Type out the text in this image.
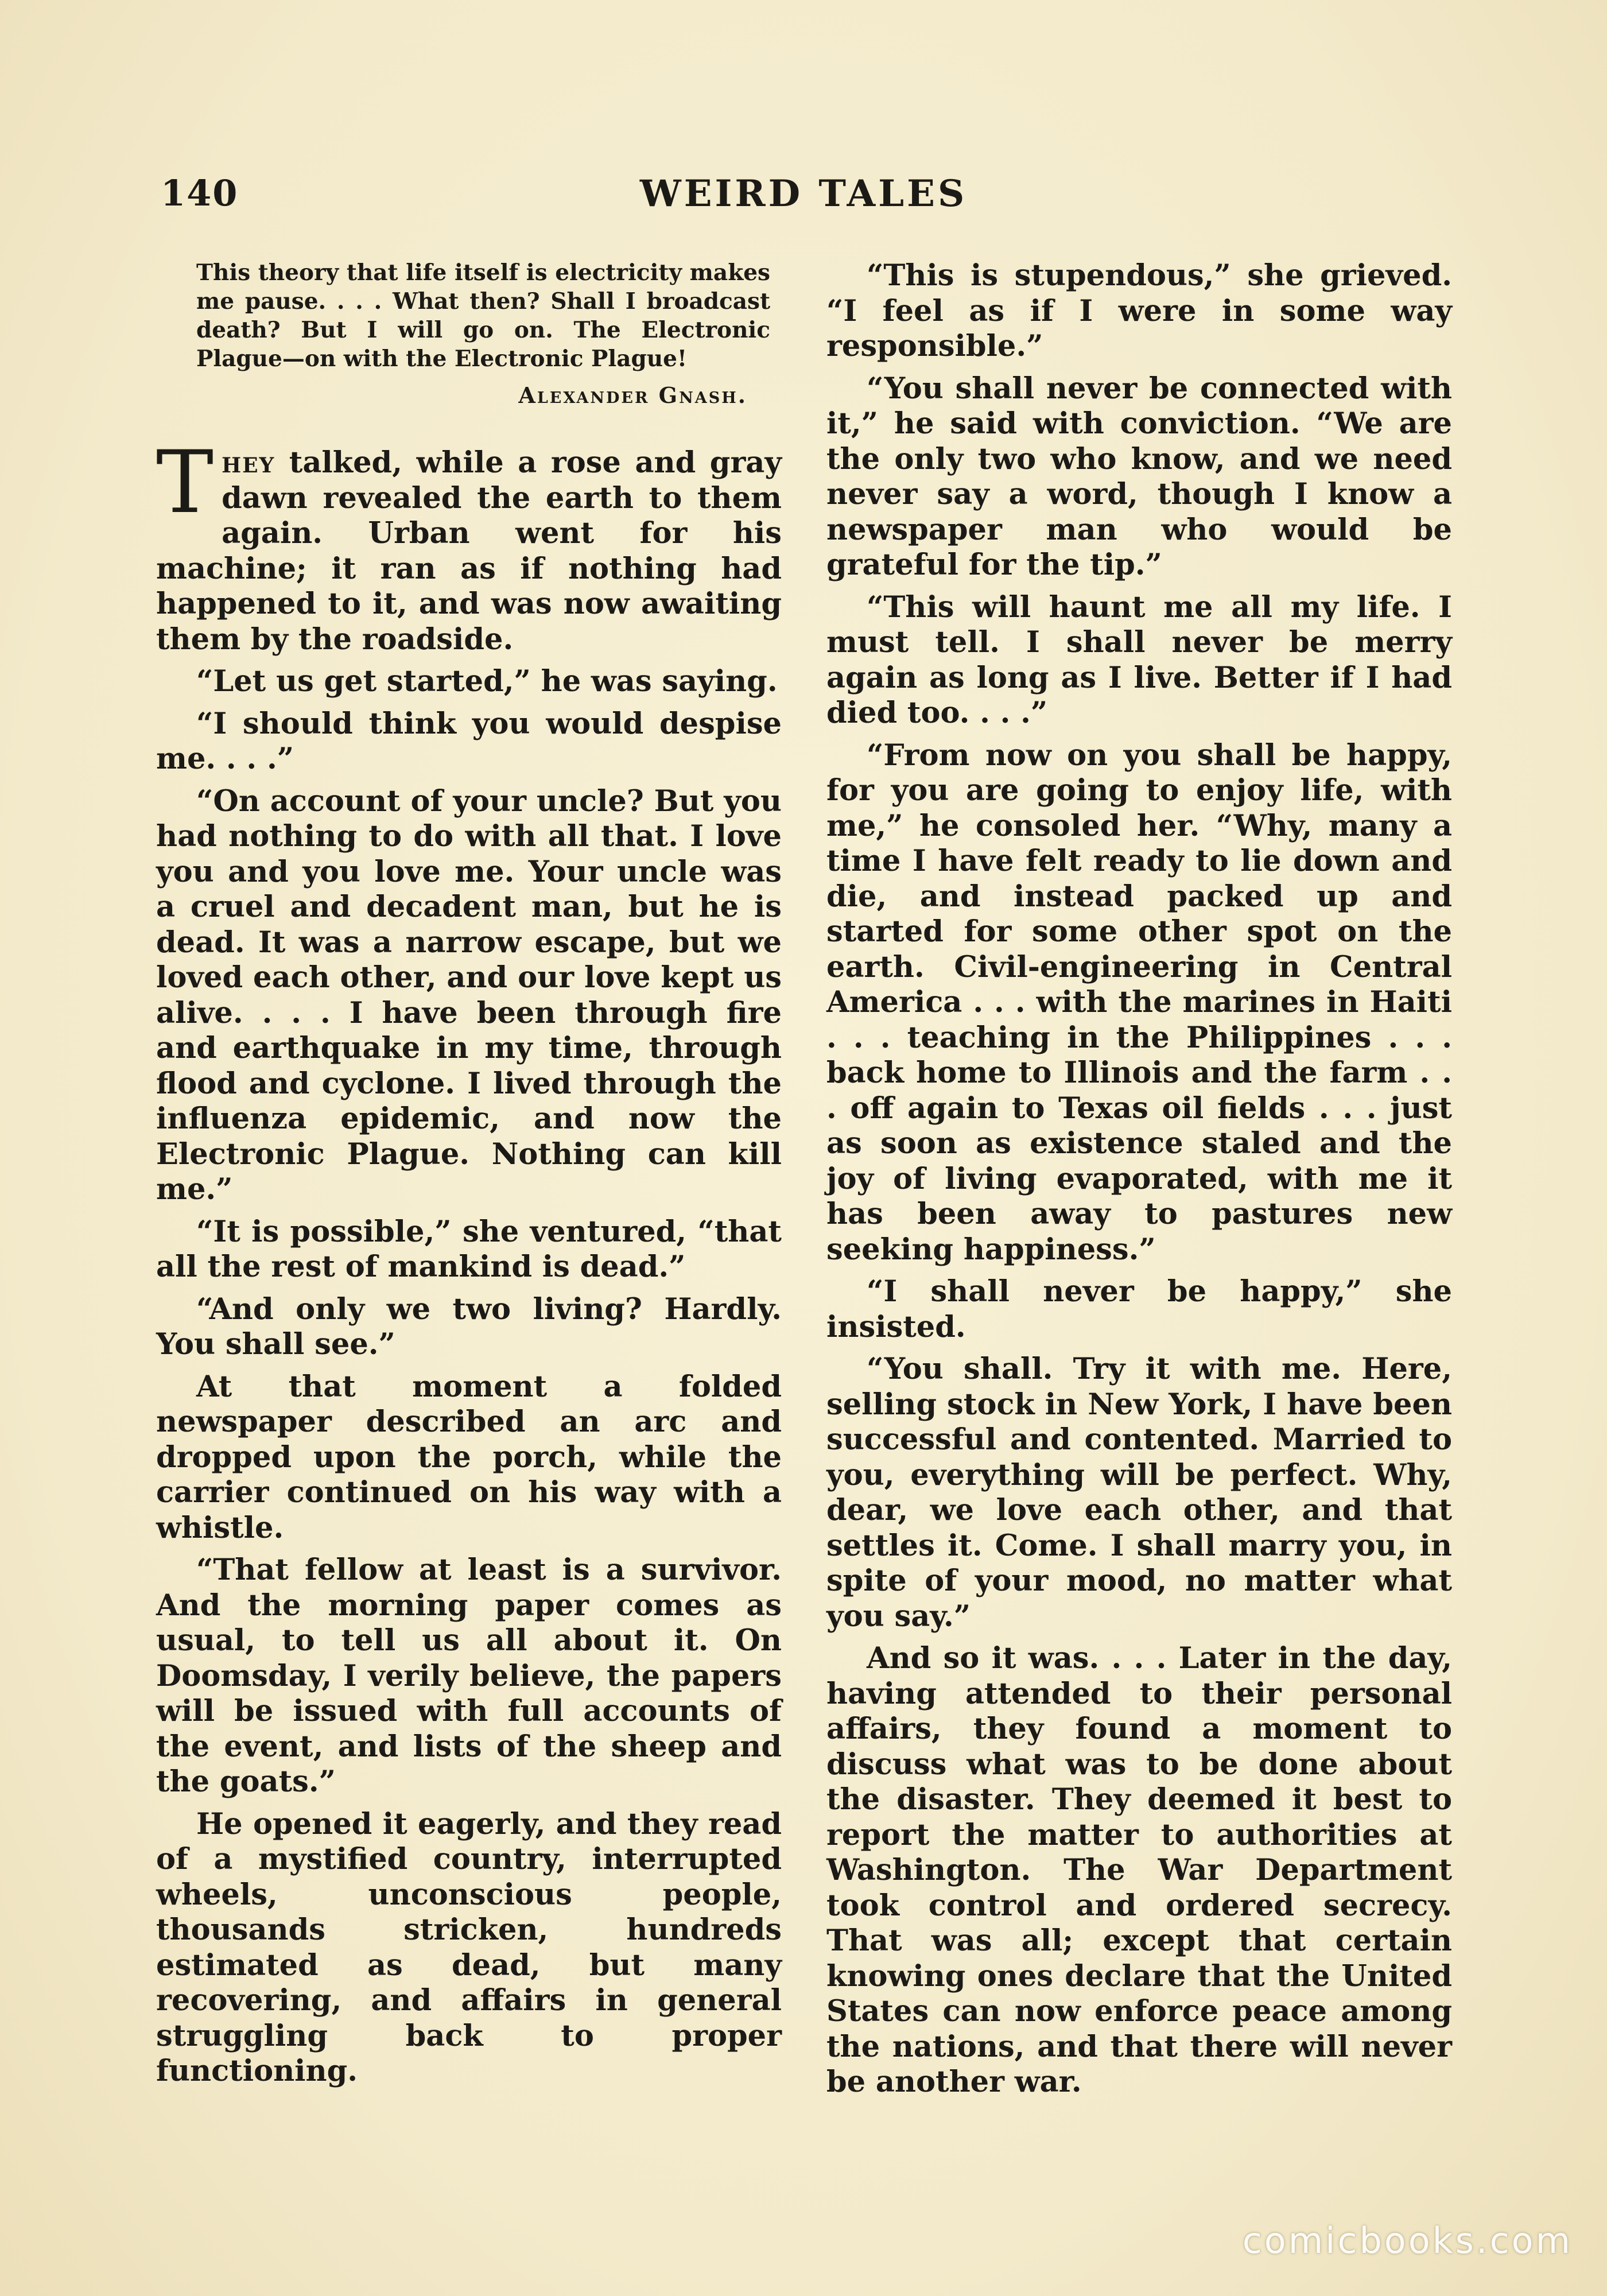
140	WEIRD TALES

This theory that life itself is electricity makes me pause. . . . What then? Shall I broadcast death? But I will go on. The Electronic Plague—on with the Electronic Plague!

Alexander Gnash.

They talked, while a rose and gray dawn revealed the earth to them again. Urban went for his machine; it ran as if nothing had happened to it, and was now awaiting them by the roadside.

“Let us get started,” he was saying.

“I should think you would despise me. . . .”

“On account of your uncle? But you had nothing to do with all that. I love you and you love me. Your uncle was a cruel and decadent man, but he is dead. It was a narrow escape, but we loved each other, and our love kept us alive. . . . I have been through fire and earthquake in my time, through flood and cyclone. I lived through the influenza epidemic, and now the Electronic Plague. Nothing can kill me.”

“It is possible,” she ventured, “that all the rest of mankind is dead.”

“And only we two living? Hardly. You shall see.”

At that moment a folded newspaper described an arc and dropped upon the porch, while the carrier continued on his way with a whistle.

“That fellow at least is a survivor. And the morning paper comes as usual, to tell us all about it. On Doomsday, I verily believe, the papers will be issued with full accounts of the event, and lists of the sheep and the goats.”

He opened it eagerly, and they read of a mystified country, interrupted wheels, unconscious people, thousands stricken, hundreds estimated as dead, but many recovering, and affairs in general struggling back to proper functioning.

“This is stupendous,” she grieved. “I feel as if I were in some way responsible.”

“You shall never be connected with it,” he said with conviction. “We are the only two who know, and we need never say a word, though I know a newspaper man who would be grateful for the tip.”

“This will haunt me all my life. I must tell. I shall never be merry again as long as I live. Better if I had died too. . . .”

“From now on you shall be happy, for you are going to enjoy life, with me,” he consoled her. “Why, many a time I have felt ready to lie down and die, and instead packed up and started for some other spot on the earth. Civil-engineering in Central America . . . with the marines in Haiti . . . teaching in the Philippines . . . back home to Illinois and the farm . . . off again to Texas oil fields . . . just as soon as existence staled and the joy of living evaporated, with me it has been away to pastures new seeking happiness.”

“I shall never be happy,” she insisted.

“You shall. Try it with me. Here, selling stock in New York, I have been successful and contented. Married to you, everything will be perfect. Why, dear, we love each other, and that settles it. Come. I shall marry you, in spite of your mood, no matter what you say.”

And so it was. . . . Later in the day, having attended to their personal affairs, they found a moment to discuss what was to be done about the disaster. They deemed it best to report the matter to authorities at Washington. The War Department took control and ordered secrecy. That was all; except that certain knowing ones declare that the United States can now enforce peace among the nations, and that there will never be another war.

comicbooks.com
